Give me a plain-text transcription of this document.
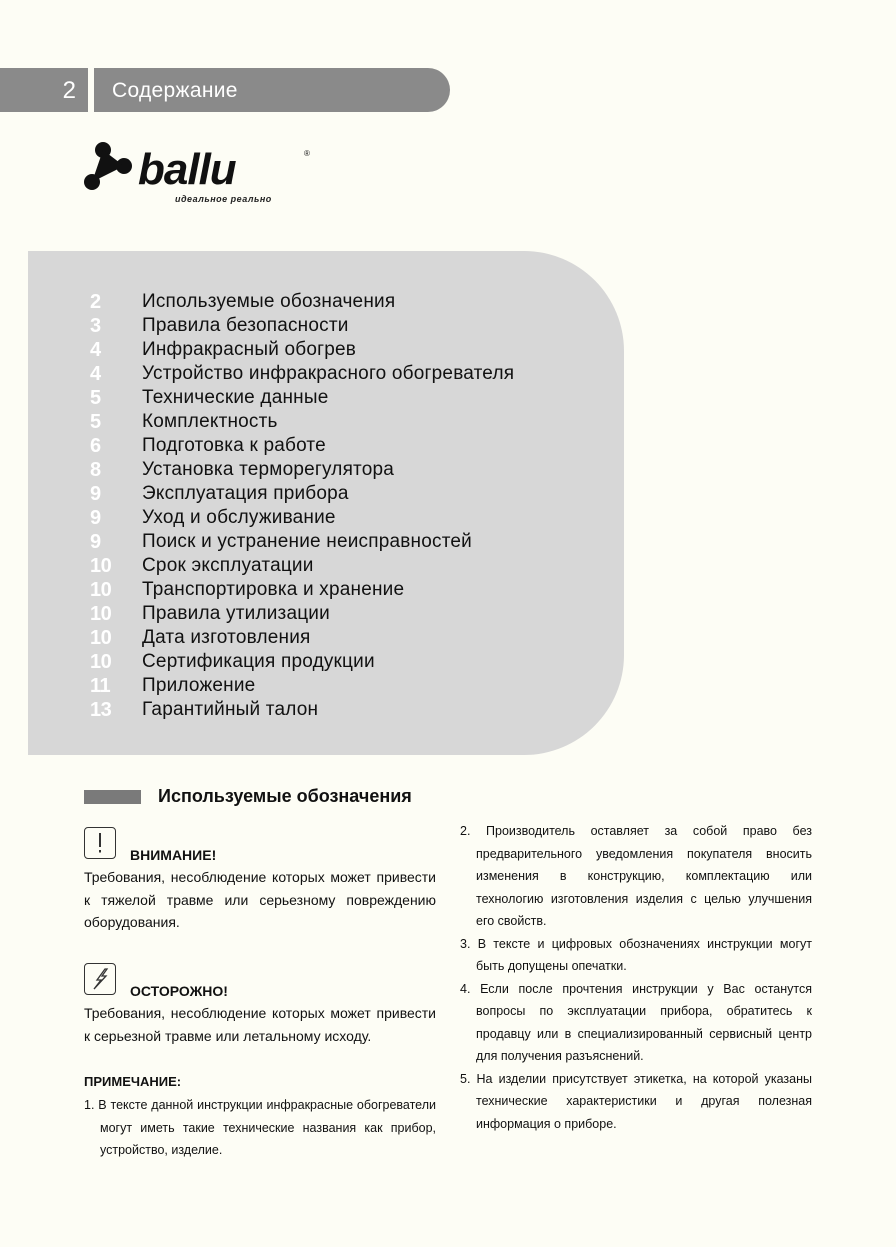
2	Содержание
ballu	®
идеальное реально
2	Используемые обозначения
3	Правила безопасности
4	Инфракрасный обогрев
4	Устройство инфракрасного обогревателя
5	Технические данные
5	Комплектность
6	Подготовка к работе
8	Установка терморегулятора
9	Эксплуатация прибора
9	Уход и обслуживание
9	Поиск и устранение неисправностей
10	Срок эксплуатации
10	Транспортировка и хранение
10	Правила утилизации
10	Дата изготовления
10	Сертификация продукции
11	Приложение
13	Гарантийный талон
Используемые обозначения
ВНИМАНИЕ!
Требования, несоблюдение которых может привести к тяжелой травме или серьезному повреждению оборудования.
ОСТОРОЖНО!
Требования, несоблюдение которых может привести к серьезной травме или летальному исходу.
ПРИМЕЧАНИЕ:
1. В тексте данной инструкции инфракрасные обогреватели могут иметь такие технические названия как прибор, устройство, изделие.
2. Производитель оставляет за собой право без предварительного уведомления покупателя вносить изменения в конструкцию, комплектацию или технологию изготовления изделия с целью улучшения его свойств.
3. В тексте и цифровых обозначениях инструкции могут быть допущены опечатки.
4. Если после прочтения инструкции у Вас останутся вопросы по эксплуатации прибора, обратитесь к продавцу или в специализированный сервисный центр для получения разъяснений.
5. На изделии присутствует этикетка, на которой указаны технические характеристики и другая полезная информация о приборе.
